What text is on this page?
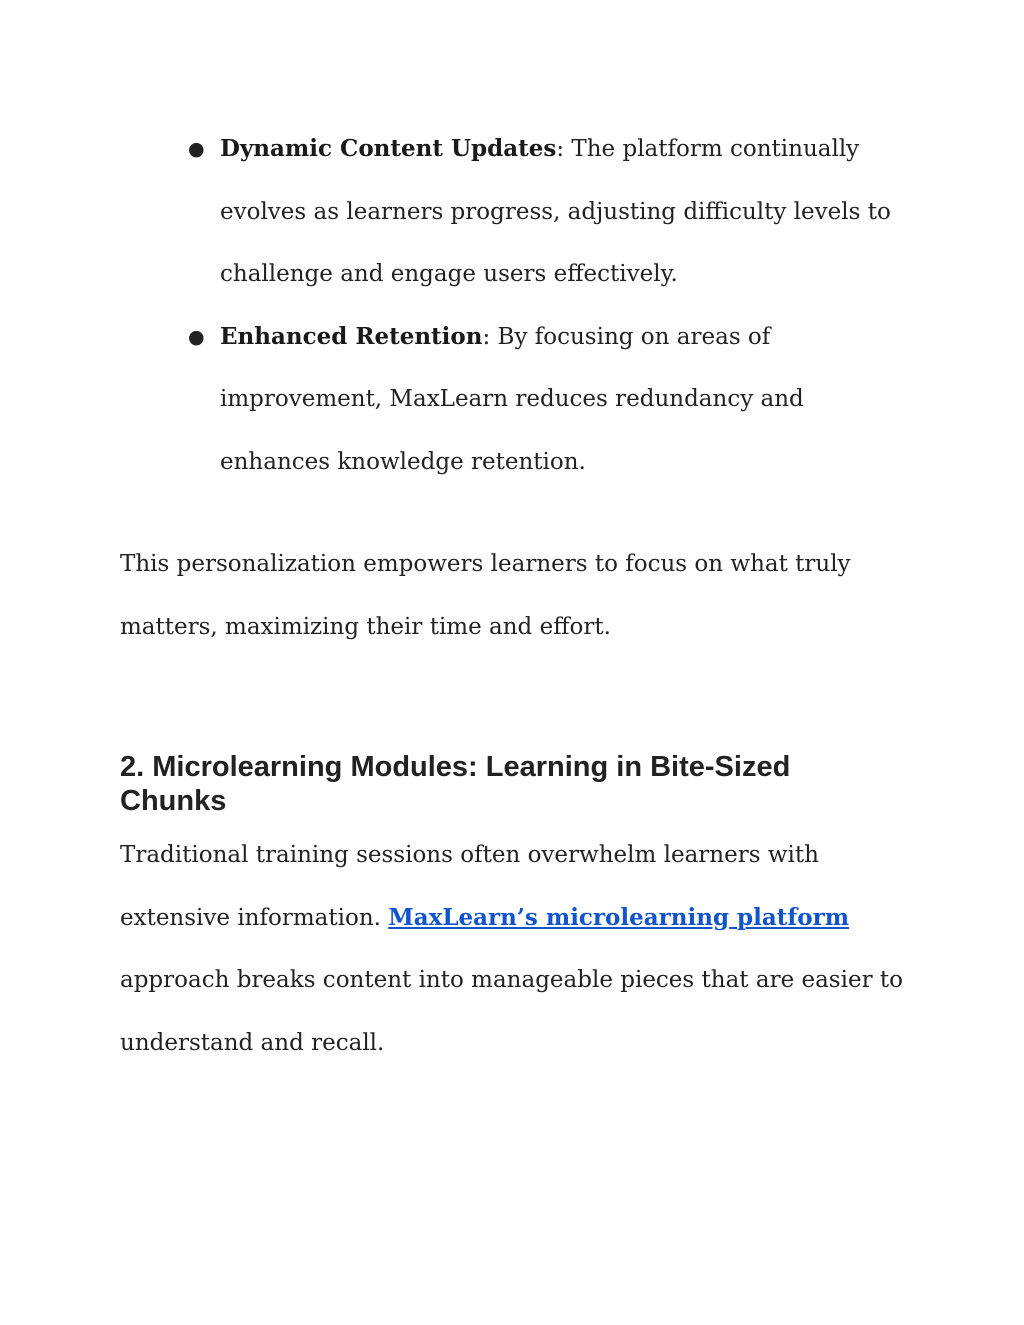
● Dynamic Content Updates: The platform continually evolves as learners progress, adjusting difficulty levels to challenge and engage users effectively.
● Enhanced Retention: By focusing on areas of improvement, MaxLearn reduces redundancy and enhances knowledge retention.

This personalization empowers learners to focus on what truly matters, maximizing their time and effort.

2. Microlearning Modules: Learning in Bite-Sized Chunks

Traditional training sessions often overwhelm learners with extensive information. MaxLearn’s microlearning platform approach breaks content into manageable pieces that are easier to understand and recall.
